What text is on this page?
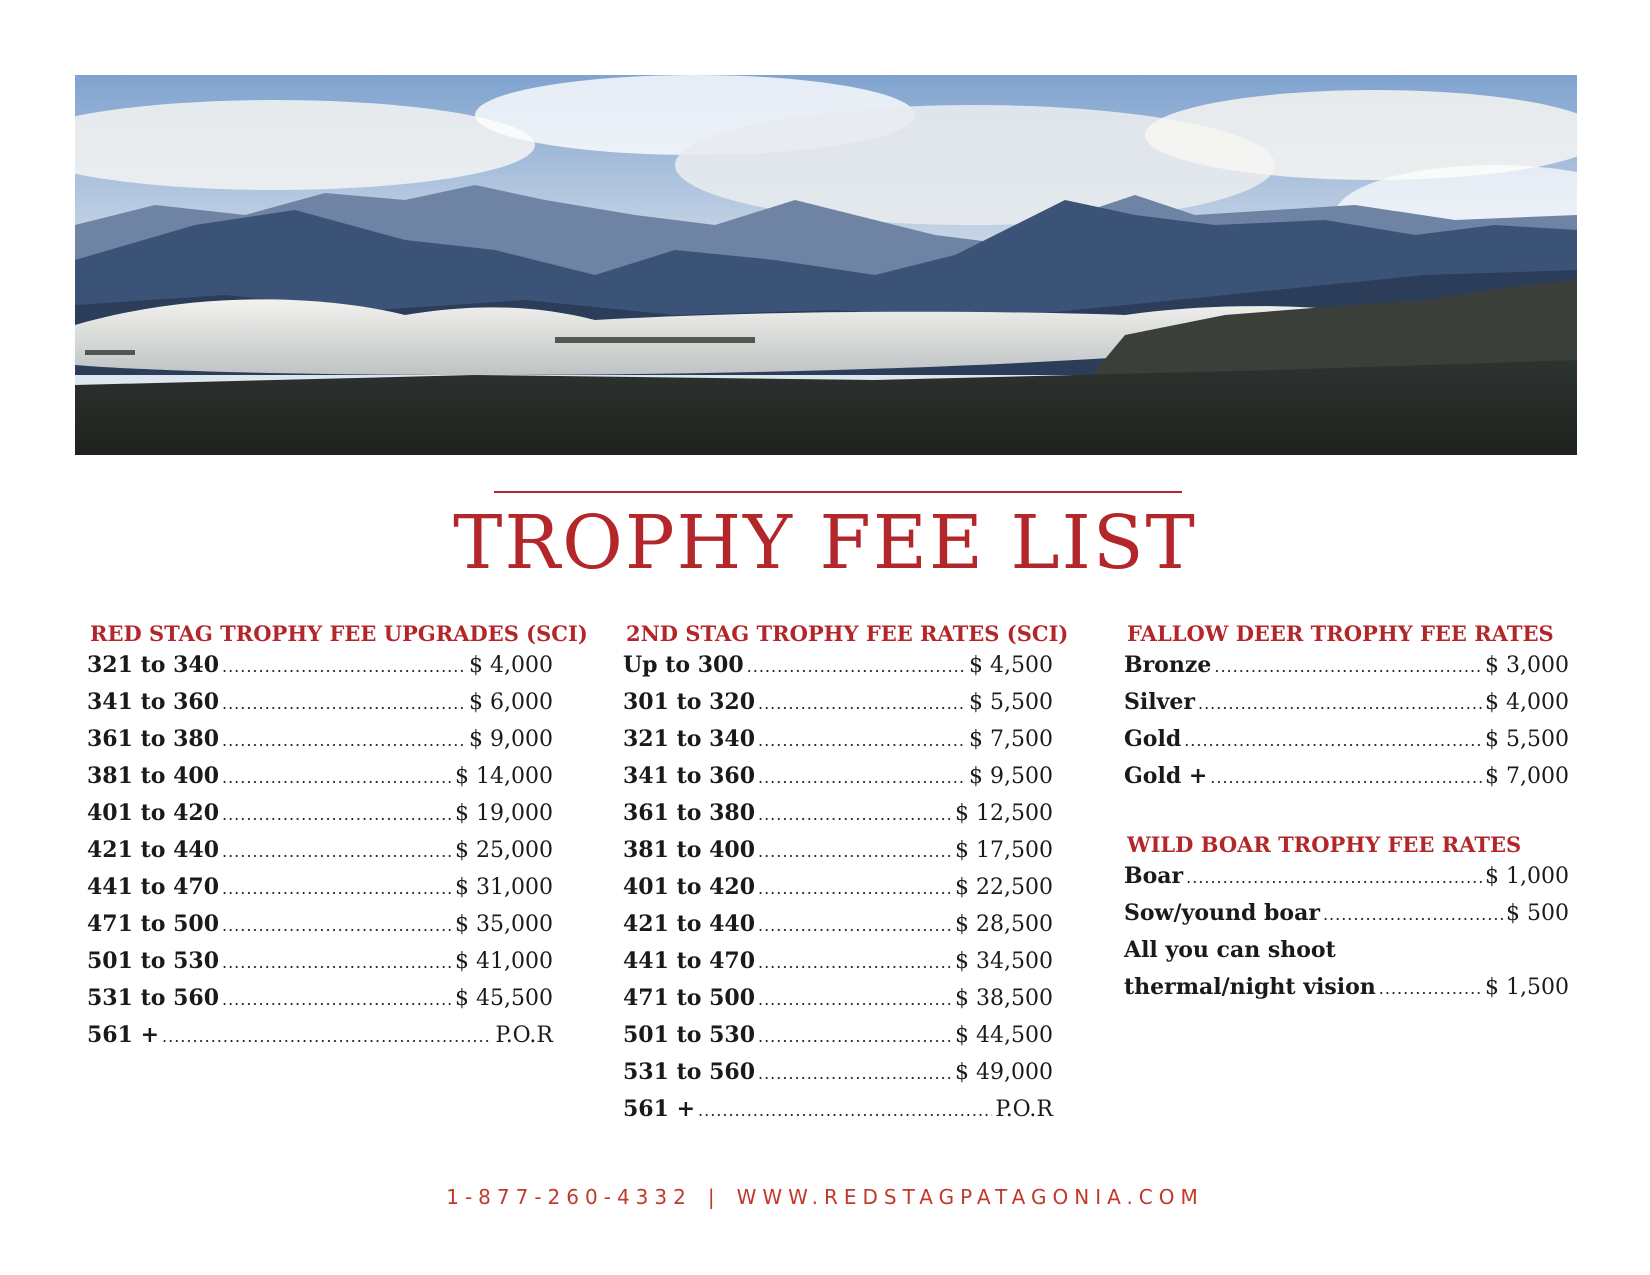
TROPHY FEE LIST
RED STAG TROPHY FEE UPGRADES (SCI)
321 to 340 .....	$ 4,000
341 to 360 .....	$ 6,000
361 to 380 .....	$ 9,000
381 to 400 .....	$ 14,000
401 to 420 .....	$ 19,000
421 to 440 .....	$ 25,000
441 to 470 .....	$ 31,000
471 to 500 .....	$ 35,000
501 to 530 .....	$ 41,000
531 to 560 .....	$ 45,500
561 + .....	P.O.R
2ND STAG TROPHY FEE RATES (SCI)
Up to 300 .....	$ 4,500
301 to 320 .....	$ 5,500
321 to 340 .....	$ 7,500
341 to 360 .....	$ 9,500
361 to 380 .....	$ 12,500
381 to 400 .....	$ 17,500
401 to 420 .....	$ 22,500
421 to 440 .....	$ 28,500
441 to 470 .....	$ 34,500
471 to 500 .....	$ 38,500
501 to 530 .....	$ 44,500
531 to 560 .....	$ 49,000
561 + .....	P.O.R
FALLOW DEER TROPHY FEE RATES
Bronze .....	$ 3,000
Silver .....	$ 4,000
Gold .....	$ 5,500
Gold + .....	$ 7,000
WILD BOAR TROPHY FEE RATES
Boar .....	$ 1,000
Sow/yound boar .....	$ 500
All you can shoot
thermal/night vision .....	$ 1,500
1-877-260-4332 | WWW.REDSTAGPATAGONIA.COM
